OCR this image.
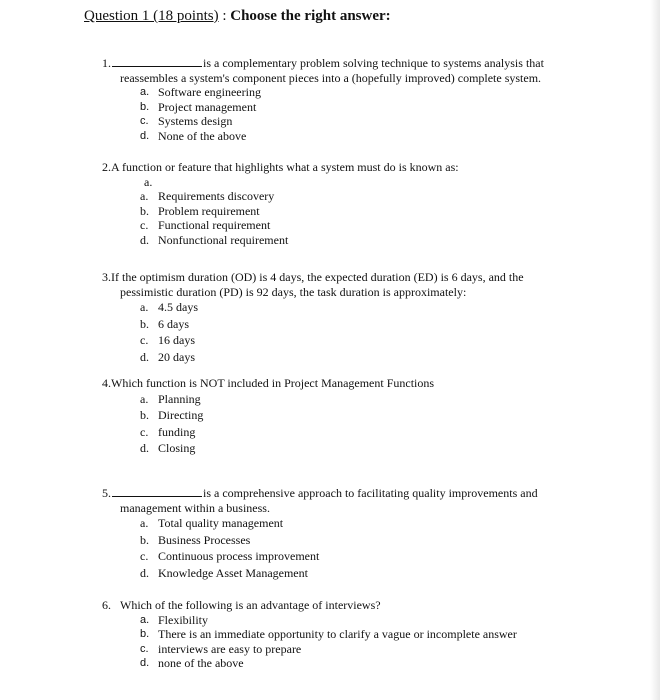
Question 1 (18 points) : Choose the right answer:
1.	is a complementary problem solving technique to systems analysis that
reassembles a system's component pieces into a (hopefully improved) complete system.
a. Software engineering
b. Project management
c. Systems design
d. None of the above
2.A function or feature that highlights what a system must do is known as:
a.
a. Requirements discovery
b. Problem requirement
c. Functional requirement
d. Nonfunctional requirement
3.If the optimism duration (OD) is 4 days, the expected duration (ED) is 6 days, and the
pessimistic duration (PD) is 92 days, the task duration is approximately:
a. 4.5 days
b. 6 days
c. 16 days
d. 20 days
4.Which function is NOT included in Project Management Functions
a. Planning
b. Directing
c. funding
d. Closing
5.	is a comprehensive approach to facilitating quality improvements and
management within a business.
a. Total quality management
b. Business Processes
c. Continuous process improvement
d. Knowledge Asset Management
6. Which of the following is an advantage of interviews?
a. Flexibility
b. There is an immediate opportunity to clarify a vague or incomplete answer
c. interviews are easy to prepare
d. none of the above
